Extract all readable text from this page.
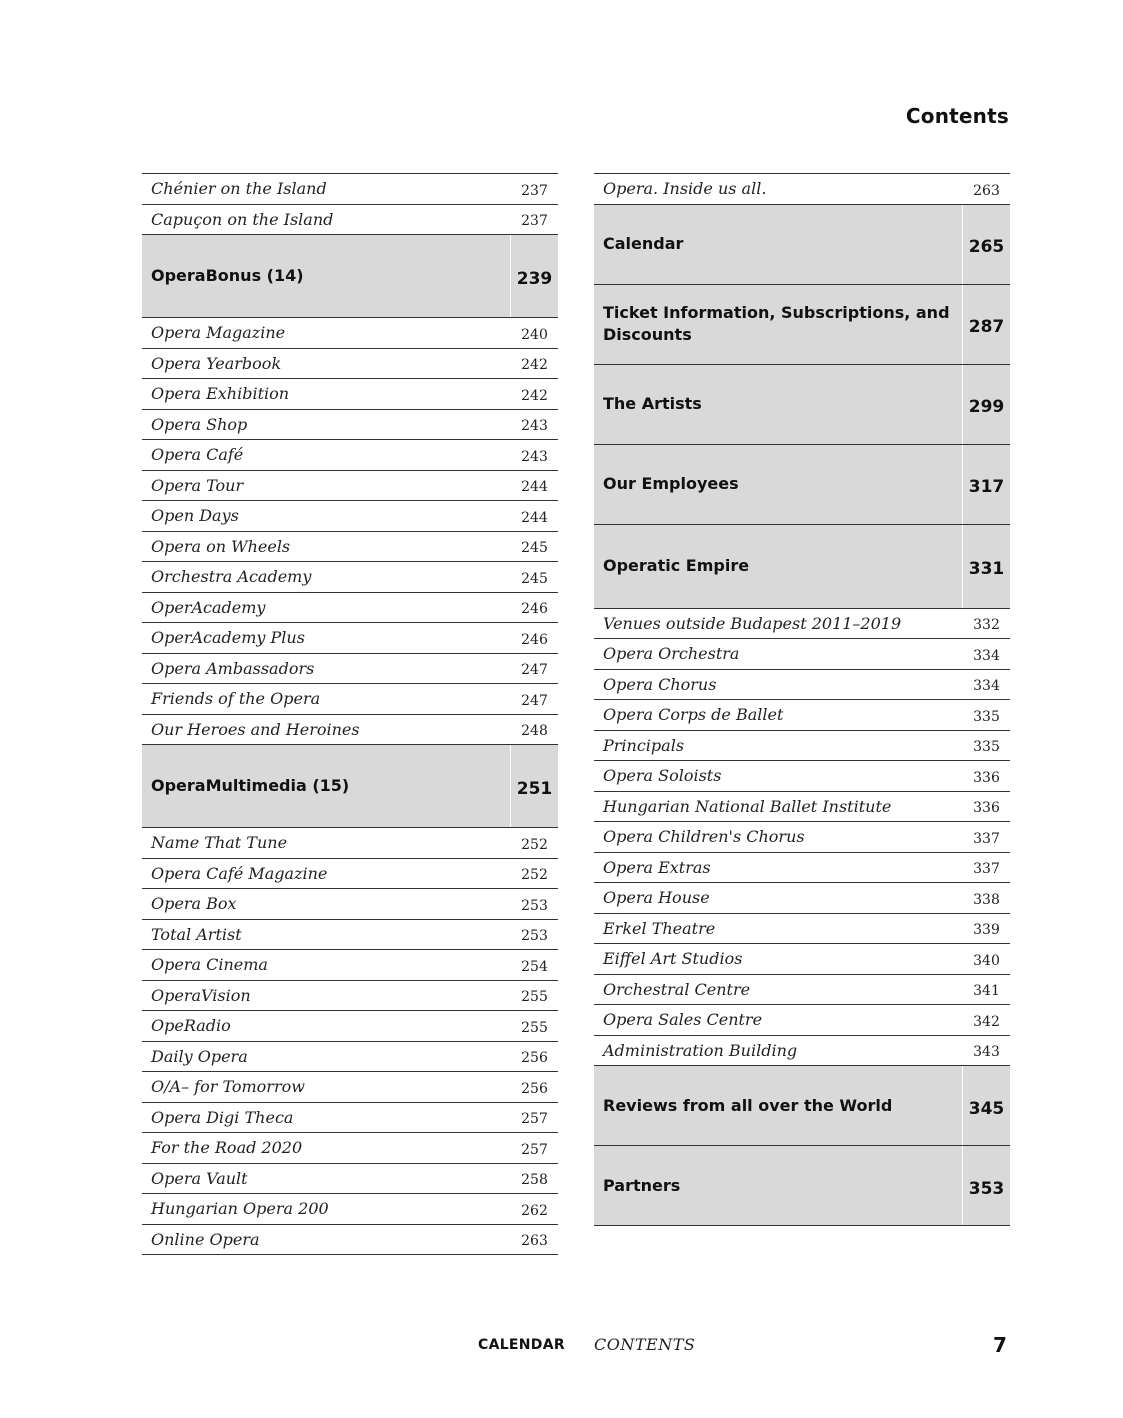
Contents
Chénier on the Island	237
Capuçon on the Island	237
OperaBonus (14)	239
Opera Magazine	240
Opera Yearbook	242
Opera Exhibition	242
Opera Shop	243
Opera Café	243
Opera Tour	244
Open Days	244
Opera on Wheels	245
Orchestra Academy	245
OperAcademy	246
OperAcademy Plus	246
Opera Ambassadors	247
Friends of the Opera	247
Our Heroes and Heroines	248
OperaMultimedia (15)	251
Name That Tune	252
Opera Café Magazine	252
Opera Box	253
Total Artist	253
Opera Cinema	254
OperaVision	255
OpeRadio	255
Daily Opera	256
O/A– for Tomorrow	256
Opera Digi Theca	257
For the Road 2020	257
Opera Vault	258
Hungarian Opera 200	262
Online Opera	263
Opera. Inside us all.	263
Calendar	265
Ticket Information, Subscriptions, and Discounts	287
The Artists	299
Our Employees	317
Operatic Empire	331
Venues outside Budapest 2011–2019	332
Opera Orchestra	334
Opera Chorus	334
Opera Corps de Ballet	335
Principals	335
Opera Soloists	336
Hungarian National Ballet Institute	336
Opera Children's Chorus	337
Opera Extras	337
Opera House	338
Erkel Theatre	339
Eiffel Art Studios	340
Orchestral Centre	341
Opera Sales Centre	342
Administration Building	343
Reviews from all over the World	345
Partners	353
CALENDAR CONTENTS	7
